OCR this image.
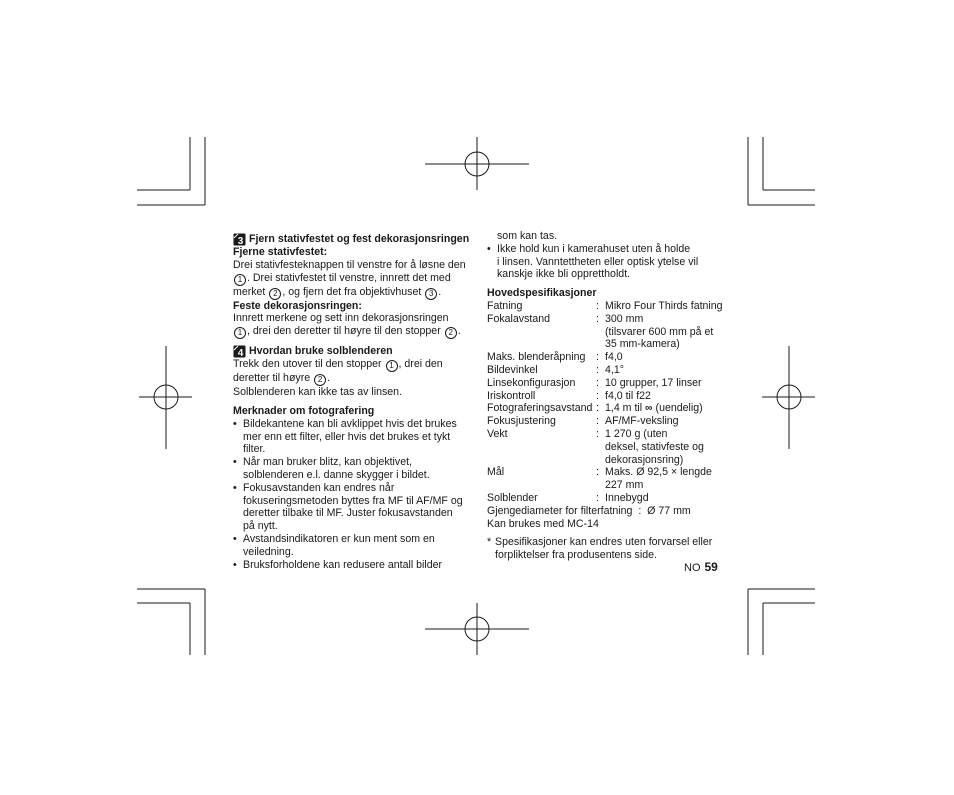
3 Fjern stativfestet og fest dekorasjonsringen
Fjerne stativfestet:

Drei stativfesteknappen til venstre for å løsne den
1 . Drei stativfestet til venstre, innrett det med
merket 2 , og fjern det fra objektivhuset 3 .

Feste dekorasjonsringen:

Innrett merkene og sett inn dekorasjonsringen
1 , drei den deretter til høyre til den stopper 2 .

4 Hvordan bruke solblenderen

Trekk den utover til den stopper 1 , drei den
deretter til høyre 2 .
Solblenderen kan ikke tas av linsen.

Merknader om fotografering
• Bildekantene kan bli avklippet hvis det brukes
mer enn ett filter, eller hvis det brukes et tykt filter.
• Når man bruker blitz, kan objektivet,
solblenderen e.l. danne skygger i bildet.
• Fokusavstanden kan endres når
fokuseringsmetoden byttes fra MF til AF/MF og
deretter tilbake til MF. Juster fokusavstanden
på nytt.
• Avstandsindikatoren er kun ment som en
veiledning.
• Bruksforholdene kan redusere antall bilder
som kan tas.
• Ikke hold kun i kamerahuset uten å holde
i linsen. Vanntettheten eller optisk ytelse vil
kanskje ikke bli opprettholdt.
Hovedspesifikasjoner
Fatning	:	Mikro Four Thirds fatning
Fokalavstand	:	300 mm
(tilsvarer 600 mm på et
35 mm-kamera)
Maks. blenderåpning	:	f4,0
Bildevinkel	:	4,1°
Linsekonfigurasjon	:	10 grupper, 17 linser
Iriskontroll	:	f4,0 til f22
Fotograferingsavstand	:	1,4 m til ∞ (uendelig)
Fokusjustering	:	AF/MF-veksling
Vekt	:	1 270 g (uten
deksel, stativfeste og
dekorasjonsring)
Mål	:	Maks. Ø 92,5 × lengde
227 mm
Solblender	:	Innebygd
Gjengediameter for filterfatning  :  Ø 77 mm
Kan brukes med MC-14
* Spesifikasjoner kan endres uten forvarsel eller
forpliktelser fra produsentens side.
NO 59
